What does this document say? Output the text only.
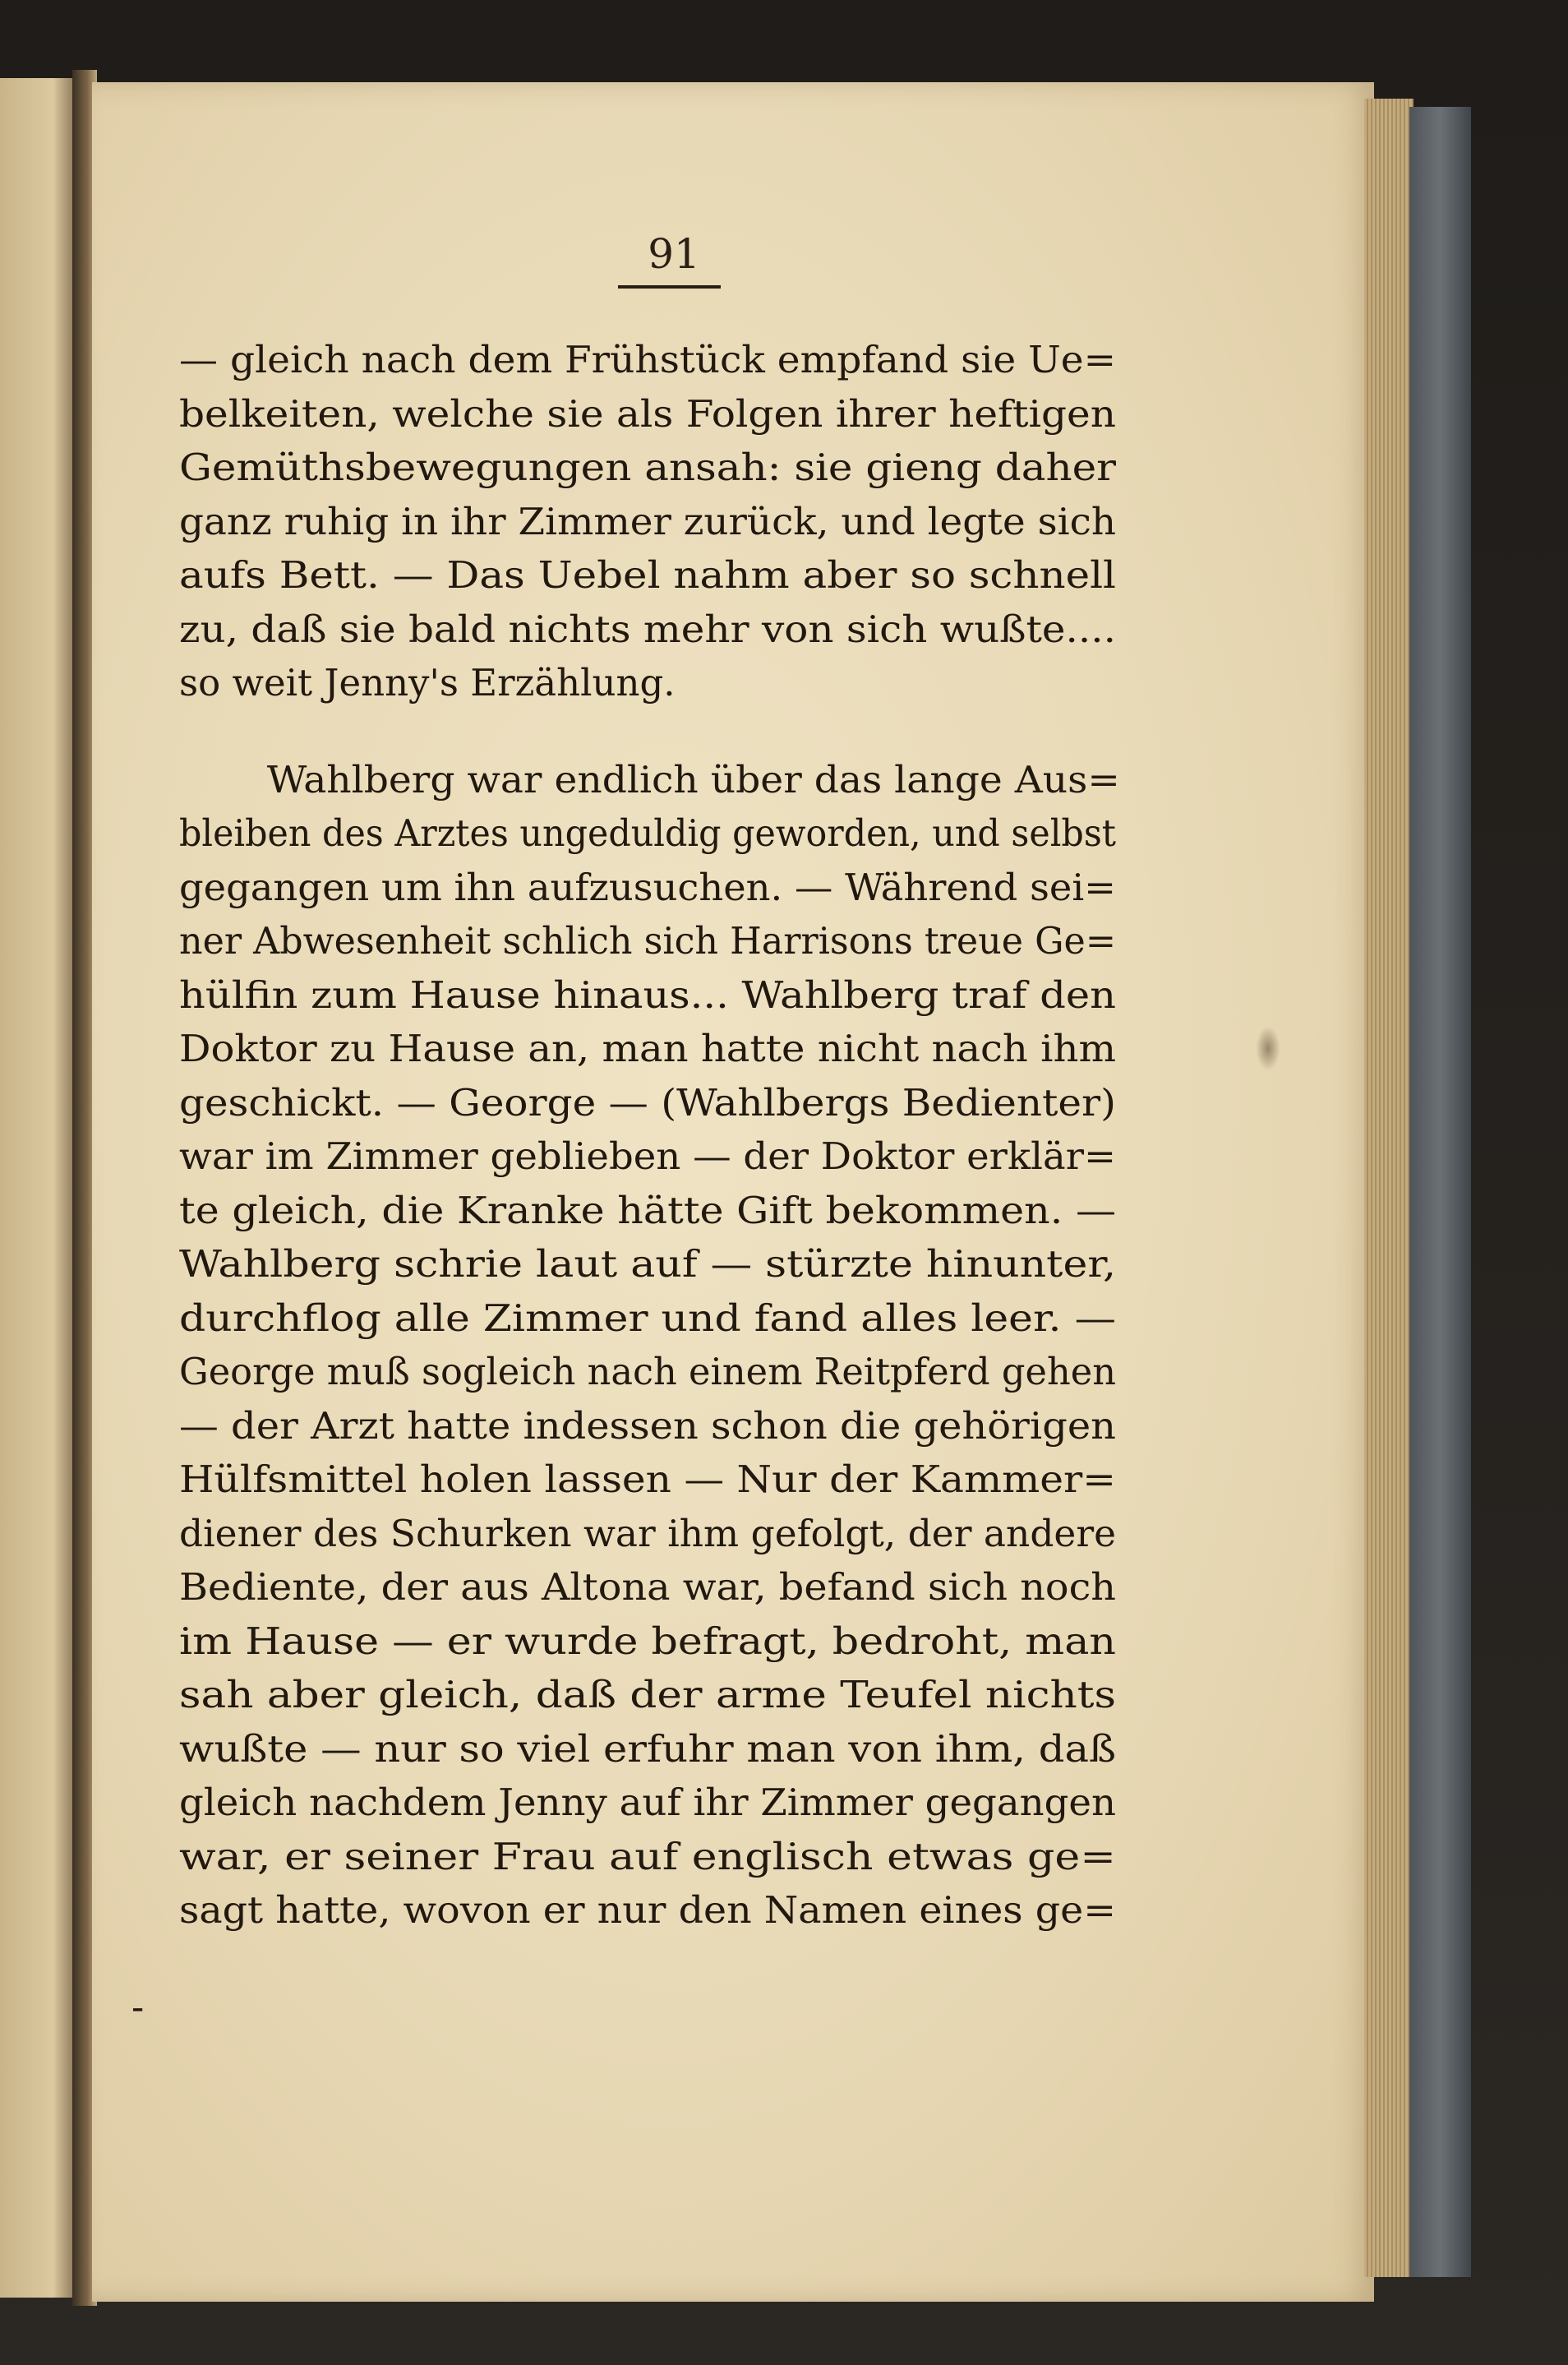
91
— gleich nach dem Frühstück empfand sie Ue=
belkeiten, welche sie als Folgen ihrer heftigen
Gemüthsbewegungen ansah: sie gieng daher
ganz ruhig in ihr Zimmer zurück, und legte sich
aufs Bett. — Das Uebel nahm aber so schnell
zu, daß sie bald nichts mehr von sich wußte....
so weit Jenny's Erzählung.
Wahlberg war endlich über das lange Aus=
bleiben des Arztes ungeduldig geworden, und selbst
gegangen um ihn aufzusuchen. — Während sei=
ner Abwesenheit schlich sich Harrisons treue Ge=
hülfin zum Hause hinaus... Wahlberg traf den
Doktor zu Hause an, man hatte nicht nach ihm
geschickt. — George — (Wahlbergs Bedienter)
war im Zimmer geblieben — der Doktor erklär=
te gleich, die Kranke hätte Gift bekommen. —
Wahlberg schrie laut auf — stürzte hinunter,
durchflog alle Zimmer und fand alles leer. —
George muß sogleich nach einem Reitpferd gehen
— der Arzt hatte indessen schon die gehörigen
Hülfsmittel holen lassen — Nur der Kammer=
diener des Schurken war ihm gefolgt, der andere
Bediente, der aus Altona war, befand sich noch
im Hause — er wurde befragt, bedroht, man
sah aber gleich, daß der arme Teufel nichts
wußte — nur so viel erfuhr man von ihm, daß
gleich nachdem Jenny auf ihr Zimmer gegangen
war, er seiner Frau auf englisch etwas ge=
sagt hatte, wovon er nur den Namen eines ge=
-
